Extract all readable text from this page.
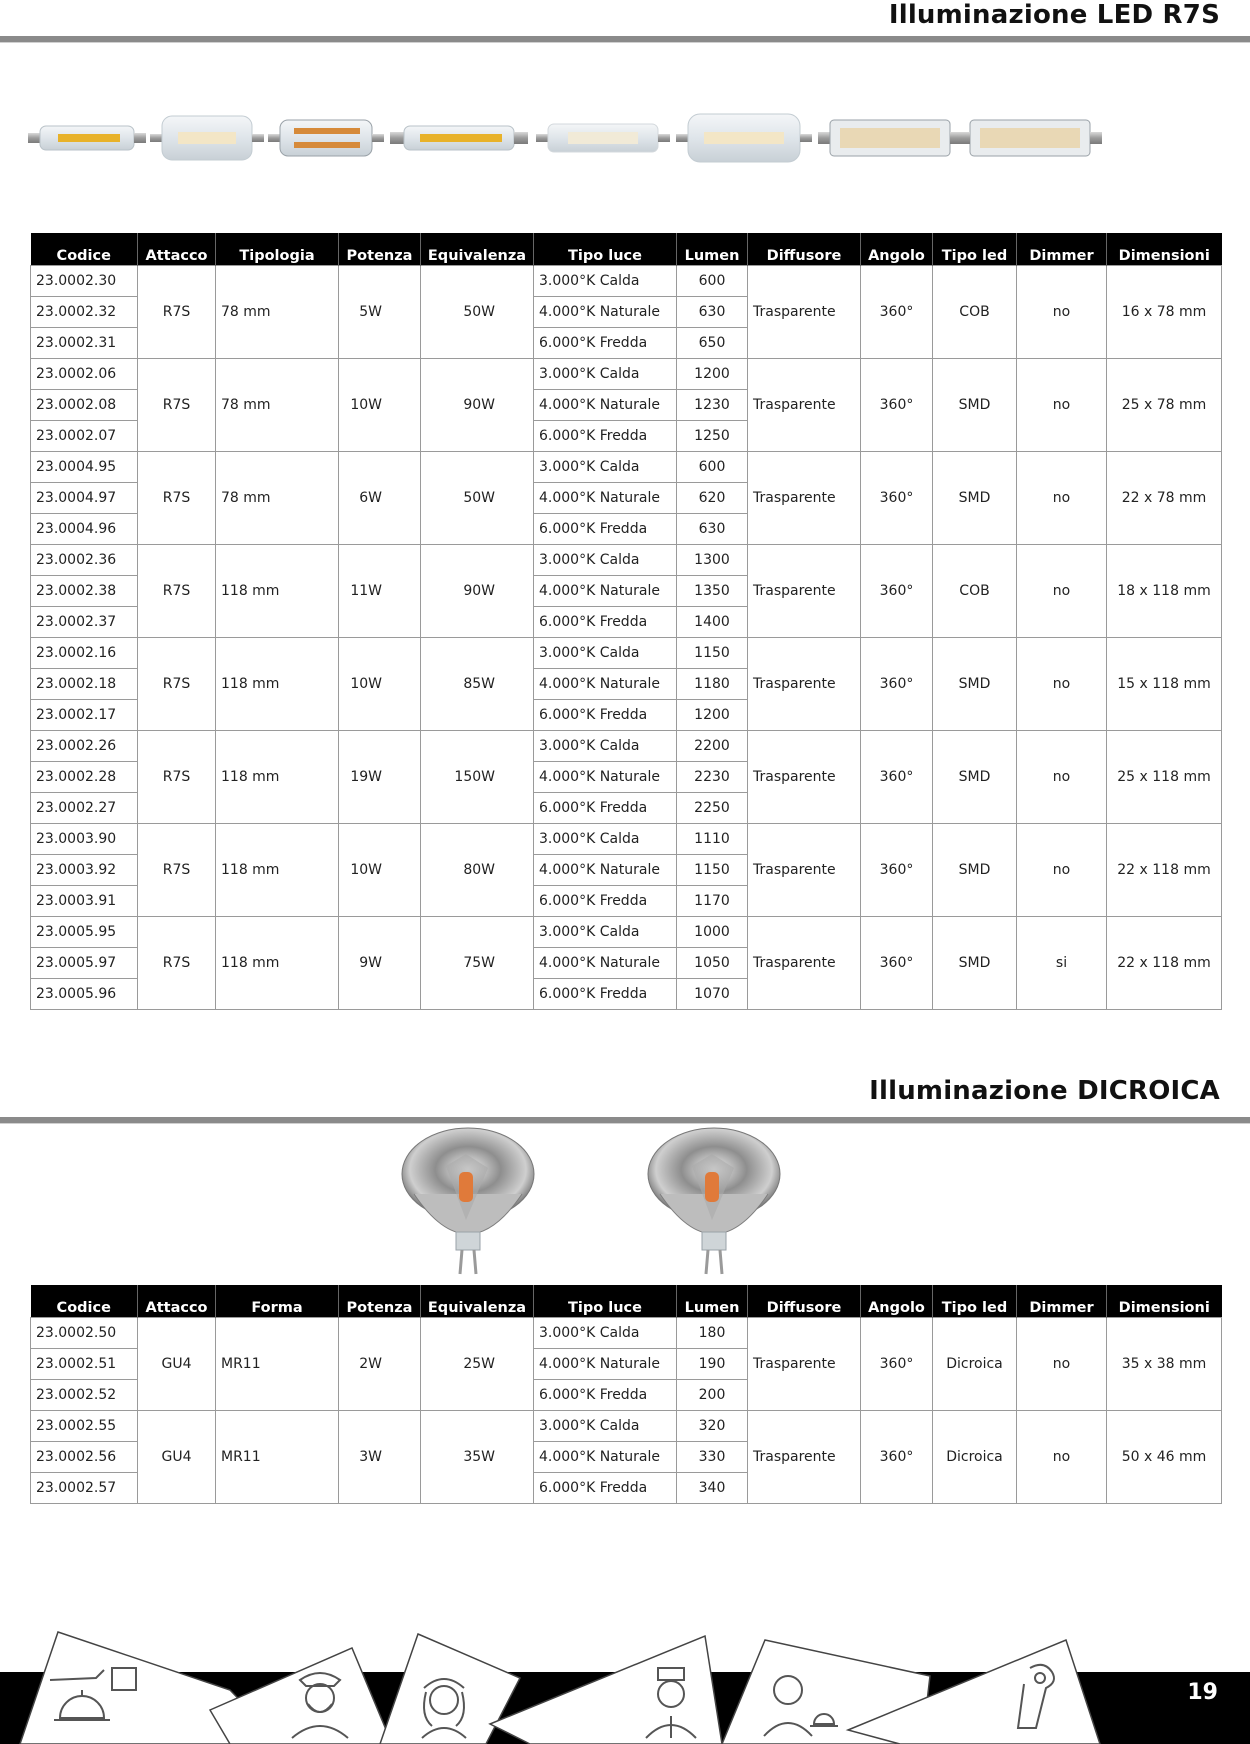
Illuminazione LED R7S
Codice	Attacco	Tipologia	Potenza	Equivalenza	Tipo luce	Lumen	Diffusore	Angolo	Tipo led	Dimmer	Dimensioni
23.0002.30	R7S	78 mm	5W	50W	3.000°K Calda	600	Trasparente	360°	COB	no	16 x 78 mm
23.0002.32					4.000°K Naturale	630					
23.0002.31					6.000°K Fredda	650					
23.0002.06	R7S	78 mm	10W	90W	3.000°K Calda	1200	Trasparente	360°	SMD	no	25 x 78 mm
23.0002.08					4.000°K Naturale	1230					
23.0002.07					6.000°K Fredda	1250					
23.0004.95	R7S	78 mm	6W	50W	3.000°K Calda	600	Trasparente	360°	SMD	no	22 x 78 mm
23.0004.97					4.000°K Naturale	620					
23.0004.96					6.000°K Fredda	630					
23.0002.36	R7S	118 mm	11W	90W	3.000°K Calda	1300	Trasparente	360°	COB	no	18 x 118 mm
23.0002.38					4.000°K Naturale	1350					
23.0002.37					6.000°K Fredda	1400					
23.0002.16	R7S	118 mm	10W	85W	3.000°K Calda	1150	Trasparente	360°	SMD	no	15 x 118 mm
23.0002.18					4.000°K Naturale	1180					
23.0002.17					6.000°K Fredda	1200					
23.0002.26	R7S	118 mm	19W	150W	3.000°K Calda	2200	Trasparente	360°	SMD	no	25 x 118 mm
23.0002.28					4.000°K Naturale	2230					
23.0002.27					6.000°K Fredda	2250					
23.0003.90	R7S	118 mm	10W	80W	3.000°K Calda	1110	Trasparente	360°	SMD	no	22 x 118 mm
23.0003.92					4.000°K Naturale	1150					
23.0003.91					6.000°K Fredda	1170					
23.0005.95	R7S	118 mm	9W	75W	3.000°K Calda	1000	Trasparente	360°	SMD	si	22 x 118 mm
23.0005.97					4.000°K Naturale	1050					
23.0005.96					6.000°K Fredda	1070					
Illuminazione DICROICA
Codice	Attacco	Forma	Potenza	Equivalenza	Tipo luce	Lumen	Diffusore	Angolo	Tipo led	Dimmer	Dimensioni
23.0002.50	GU4	MR11	2W	25W	3.000°K Calda	180	Trasparente	360°	Dicroica	no	35 x 38 mm
23.0002.51					4.000°K Naturale	190					
23.0002.52					6.000°K Fredda	200					
23.0002.55	GU4	MR11	3W	35W	3.000°K Calda	320	Trasparente	360°	Dicroica	no	50 x 46 mm
23.0002.56					4.000°K Naturale	330					
23.0002.57					6.000°K Fredda	340					
19
